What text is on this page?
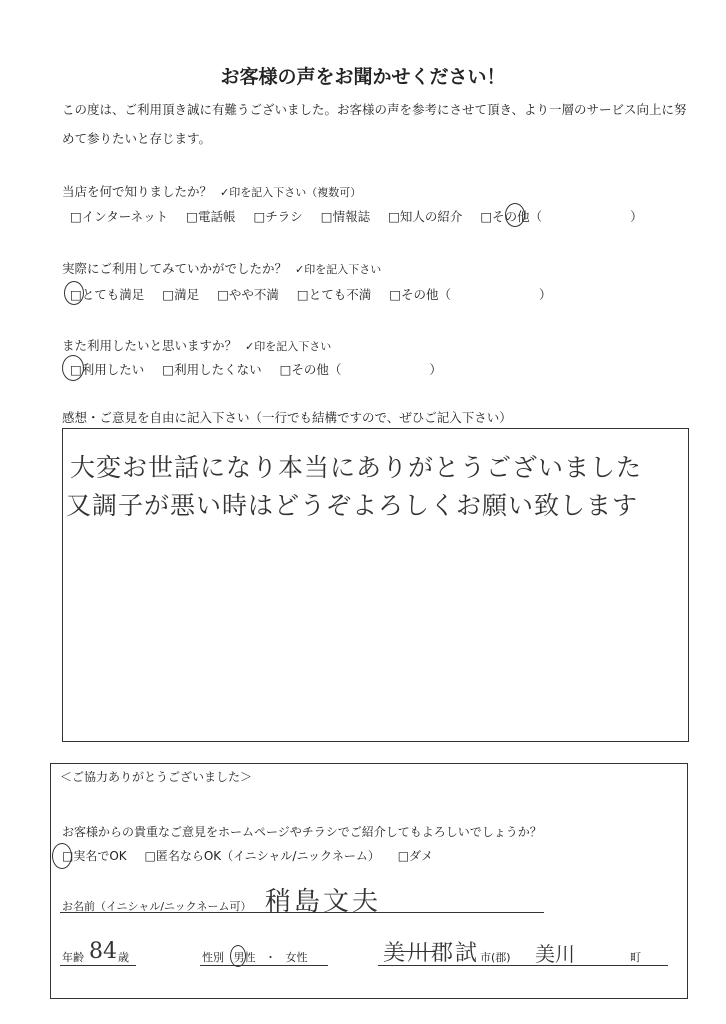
お客様の声をお聞かせください！
この度は、ご利用頂き誠に有難うございました。お客様の声を参考にさせて頂き、より一層のサービス向上に努
めて参りたいと存じます。
当店を何で知りましたか？ ✓印を記入下さい（複数可）
□インターネット □電話帳 □チラシ □情報誌 □知人の紹介 □その他（	）
実際にご利用してみていかがでしたか？ ✓印を記入下さい
□とても満足 □満足 □やや不満 □とても不満 □その他（	）
また利用したいと思いますか？ ✓印を記入下さい
□利用したい □利用したくない □その他（	）
感想・ご意見を自由に記入下さい（一行でも結構ですので、ぜひご記入下さい）
大変お世話になり本当にありがとうございました
又調子が悪い時はどうぞよろしくお願い致します
＜ご協力ありがとうございました＞
お客様からの貴重なご意見をホームページやチラシでご紹介してもよろしいでしょうか？
□実名でOK □匿名ならOK（イニシャル/ニックネーム） □ダメ
お名前（イニシャル/ニックネーム可） 稍島文夫
年齢 84 歳	性別 男性 ・ 女性	美川郡試 市(郡) 美川	町
